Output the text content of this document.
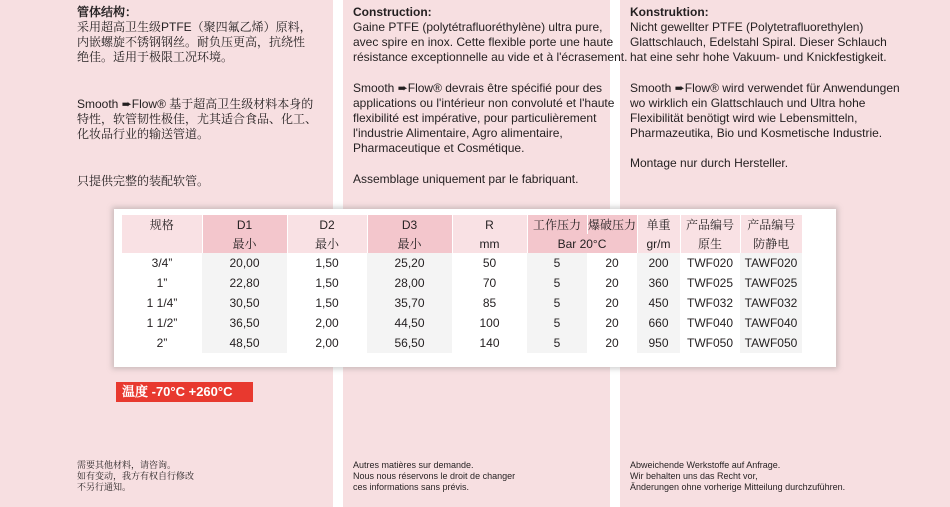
管体结构：
采用超高卫生级PTFE（聚四氟乙烯）原料，
内嵌螺旋不锈钢钢丝。耐负压更高，抗绕性
绝佳。适用于极限工况环境。
Smooth ➨Flow® 基于超高卫生级材料本身的
特性，软管韧性极佳，尤其适合食品、化工、
化妆品行业的输送管道。
只提供完整的装配软管。
Construction:
Gaine PTFE (polytétrafluoréthylène) ultra pure,
avec spire en inox. Cette flexible porte une haute
résistance exceptionnelle au vide et à l'écrasement.
Smooth ➨Flow® devrais être spécifié pour des
applications ou l'intérieur non convoluté et l'haute
flexibilité est impérative, pour particulièrement
l'industrie Alimentaire, Agro alimentaire,
Pharmaceutique et Cosmétique.
Assemblage uniquement par le fabriquant.
Konstruktion:
Nicht gewellter PTFE (Polytetrafluorethylen)
Glattschlauch, Edelstahl Spiral. Dieser Schlauch
hat eine sehr hohe Vakuum- und Knickfestigkeit.
Smooth ➨Flow® wird verwendet für Anwendungen
wo wirklich ein Glattschlauch und Ultra hohe
Flexibilität benötigt wird wie Lebensmitteln,
Pharmazeutika, Bio und Kosmetische Industrie.
Montage nur durch Hersteller.
规格	D1	D2	D3	R	工作压力	爆破压力	单重	产品编号	产品编号
	最小	最小	最小	mm	Bar 20°C		gr/m	原生	防静电
3/4”	20,00	1,50	25,20	50	5	20	200	TWF020	TAWF020
1”	22,80	1,50	28,00	70	5	20	360	TWF025	TAWF025
1 1/4”	30,50	1,50	35,70	85	5	20	450	TWF032	TAWF032
1 1/2”	36,50	2,00	44,50	100	5	20	660	TWF040	TAWF040
2”	48,50	2,00	56,50	140	5	20	950	TWF050	TAWF050
温度 -70°C +260°C
需要其他材料，请咨询。
如有变动，我方有权自行修改
不另行通知。
Autres matières sur demande.
Nous nous réservons le droit de changer
ces informations sans prévis.
Abweichende Werkstoffe auf Anfrage.
Wir behalten uns das Recht vor,
Änderungen ohne vorherige Mitteilung durchzuführen.
